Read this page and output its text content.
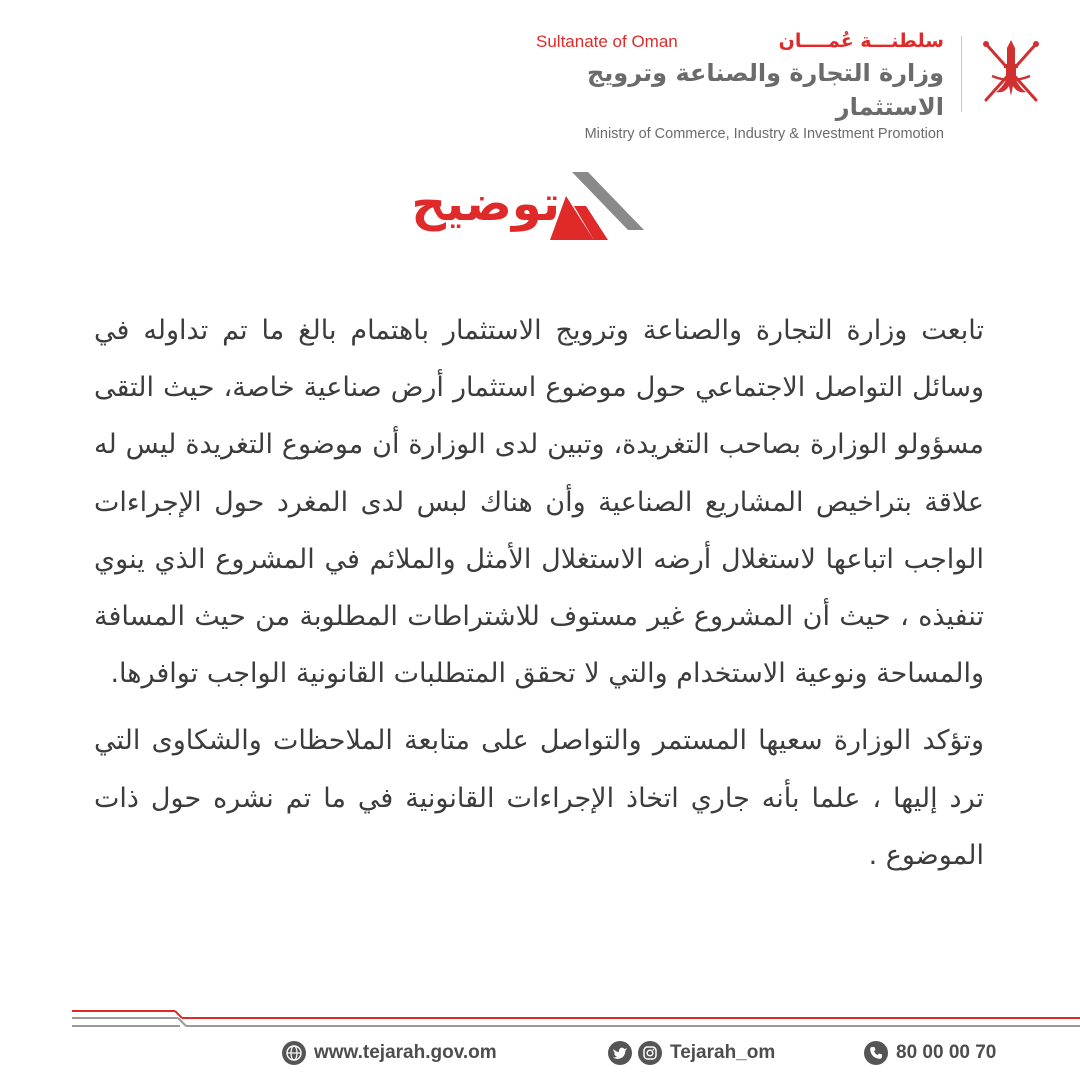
Sultanate of Oman	سلطنـــة عُمــــان
وزارة التجارة والصناعة وترويج الاستثمار
Ministry of Commerce, Industry & Investment Promotion
توضيح

تابعت وزارة التجارة والصناعة وترويج الاستثمار باهتمام بالغ ما تم تداوله في وسائل التواصل الاجتماعي حول موضوع استثمار أرض صناعية خاصة، حيث التقى مسؤولو الوزارة بصاحب التغريدة، وتبين لدى الوزارة أن موضوع التغريدة ليس له علاقة بتراخيص المشاريع الصناعية وأن هناك لبس لدى المغرد حول الإجراءات الواجب اتباعها لاستغلال أرضه الاستغلال الأمثل والملائم في المشروع الذي ينوي تنفيذه ، حيث أن المشروع غير مستوف للاشتراطات المطلوبة من حيث المسافة والمساحة ونوعية الاستخدام والتي لا تحقق المتطلبات القانونية الواجب توافرها.

وتؤكد الوزارة سعيها المستمر والتواصل على متابعة الملاحظات والشكاوى التي ترد إليها ، علما بأنه جاري اتخاذ الإجراءات القانونية في ما تم نشره حول ذات الموضوع .

www.tejarah.gov.om	Tejarah_om	80 00 00 70
